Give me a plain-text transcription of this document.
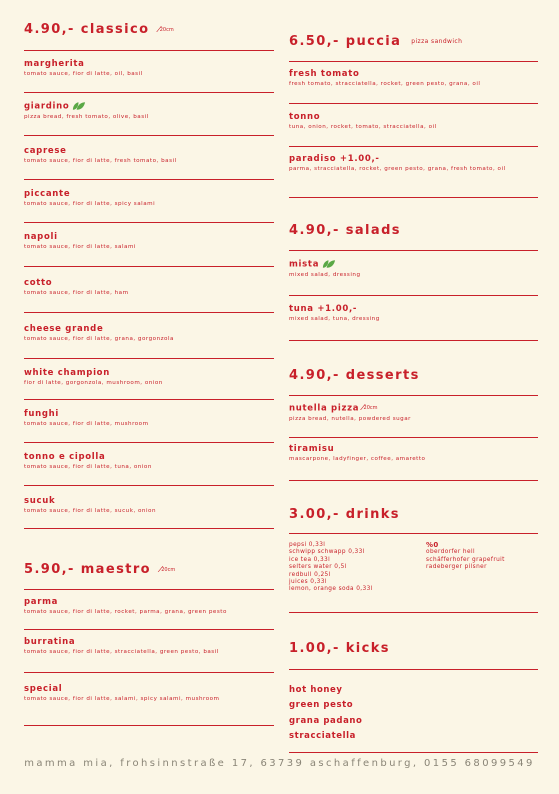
4.90,- classico ⁄20cm
margherita
tomato sauce, fior di latte, oil, basil
giardino
pizza bread, fresh tomato, olive, basil
caprese
tomato sauce, fior di latte, fresh tomato, basil
piccante
tomato sauce, fior di latte, spicy salami
napoli
tomato sauce, fior di latte, salami
cotto
tomato sauce, fior di latte, ham
cheese grande
tomato sauce, fior di latte, grana, gorgonzola
white champion
fior di latte, gorgonzola, mushroom, onion
funghi
tomato sauce, fior di latte, mushroom
tonno e cipolla
tomato sauce, fior di latte, tuna, onion
sucuk
tomato sauce, fior di latte, sucuk, onion
5.90,- maestro ⁄20cm
parma
tomato sauce, fior di latte, rocket, parma, grana, green pesto
burratina
tomato sauce, fior di latte, stracciatella, green pesto, basil
special
tomato sauce, fior di latte, salami, spicy salami, mushroom
6.50,- puccia pizza sandwich
fresh tomato
fresh tomato, stracciatella, rocket, green pesto, grana, oil
tonno
tuna, onion, rocket, tomato, stracciatella, oil
paradiso +1.00,-
parma, stracciatella, rocket, green pesto, grana, fresh tomato, oil
4.90,- salads
mista
mixed salad, dressing
tuna +1.00,-
mixed salad, tuna, dressing
4.90,- desserts
nutella pizza ⁄20cm
pizza bread, nutella, powdered sugar
tiramisu
mascarpone, ladyfinger, coffee, amaretto
3.00,- drinks
pepsi 0,33l
schwipp schwapp 0,33l
ice tea 0,33l
selters water 0,5l
redbull 0,25l
juices 0,33l
lemon, orange soda 0,33l
%0
oberdorfer hell
schäfferhofer grapefruit
radeberger pilsner
1.00,- kicks
hot honey
green pesto
grana padano
stracciatella
mamma mia, frohsinnstraße 17, 63739 aschaffenburg, 0155 68099549
